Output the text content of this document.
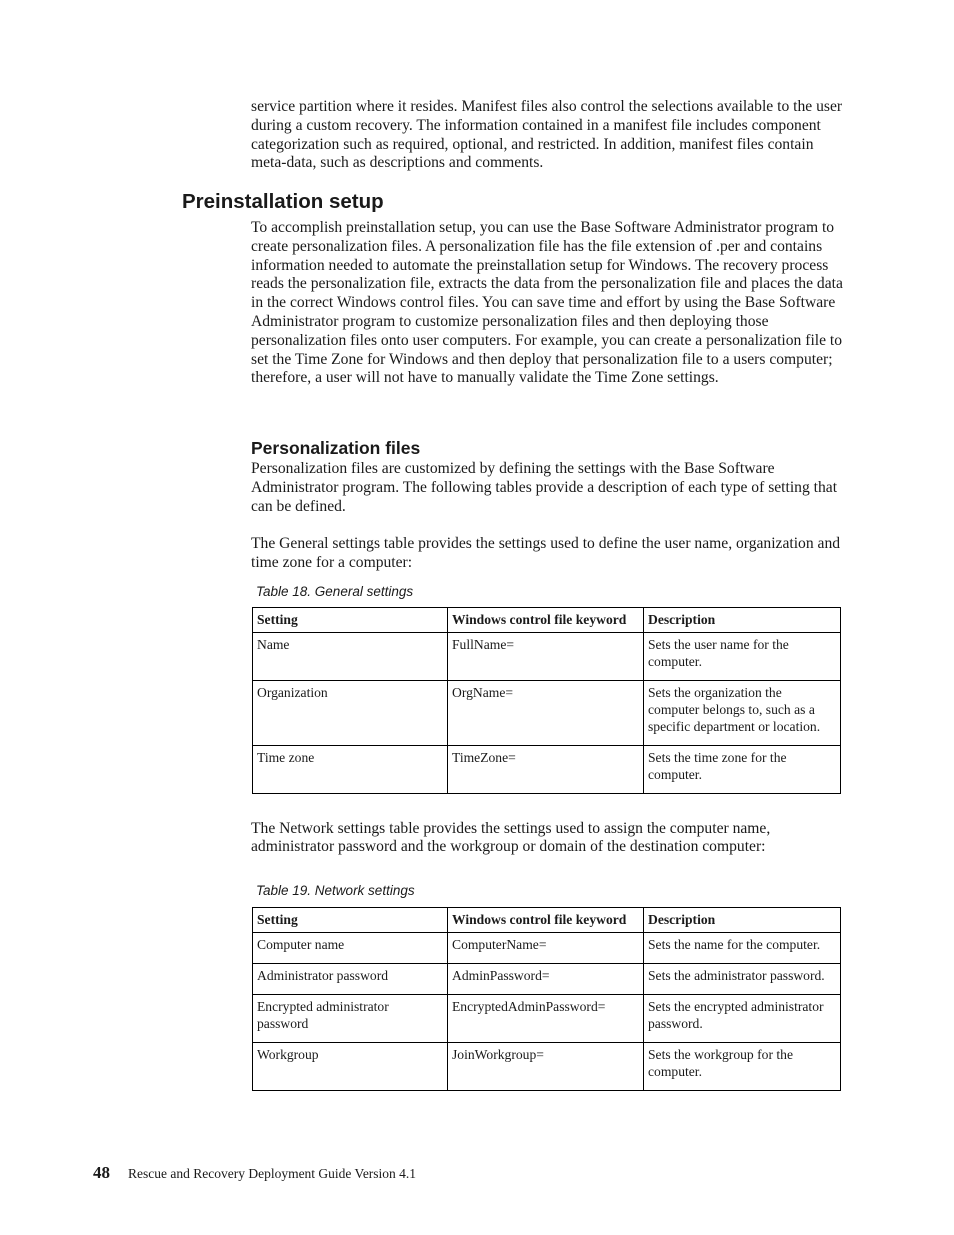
service partition where it resides. Manifest files also control the selections available to the user during a custom recovery. The information contained in a manifest file includes component categorization such as required, optional, and restricted. In addition, manifest files contain meta-data, such as descriptions and comments.

Preinstallation setup

To accomplish preinstallation setup, you can use the Base Software Administrator program to create personalization files. A personalization file has the file extension of .per and contains information needed to automate the preinstallation setup for Windows. The recovery process reads the personalization file, extracts the data from the personalization file and places the data in the correct Windows control files. You can save time and effort by using the Base Software Administrator program to customize personalization files and then deploying those personalization files onto user computers. For example, you can create a personalization file to set the Time Zone for Windows and then deploy that personalization file to a users computer; therefore, a user will not have to manually validate the Time Zone settings.

Personalization files

Personalization files are customized by defining the settings with the Base Software Administrator program. The following tables provide a description of each type of setting that can be defined.

The General settings table provides the settings used to define the user name, organization and time zone for a computer:

Table 18. General settings

Setting	Windows control file keyword	Description
Name	FullName=	Sets the user name for the computer.
Organization	OrgName=	Sets the organization the computer belongs to, such as a specific department or location.
Time zone	TimeZone=	Sets the time zone for the computer.

The Network settings table provides the settings used to assign the computer name, administrator password and the workgroup or domain of the destination computer:

Table 19. Network settings

Setting	Windows control file keyword	Description
Computer name	ComputerName=	Sets the name for the computer.
Administrator password	AdminPassword=	Sets the administrator password.
Encrypted administrator password	EncryptedAdminPassword=	Sets the encrypted administrator password.
Workgroup	JoinWorkgroup=	Sets the workgroup for the computer.
48 Rescue and Recovery Deployment Guide Version 4.1
